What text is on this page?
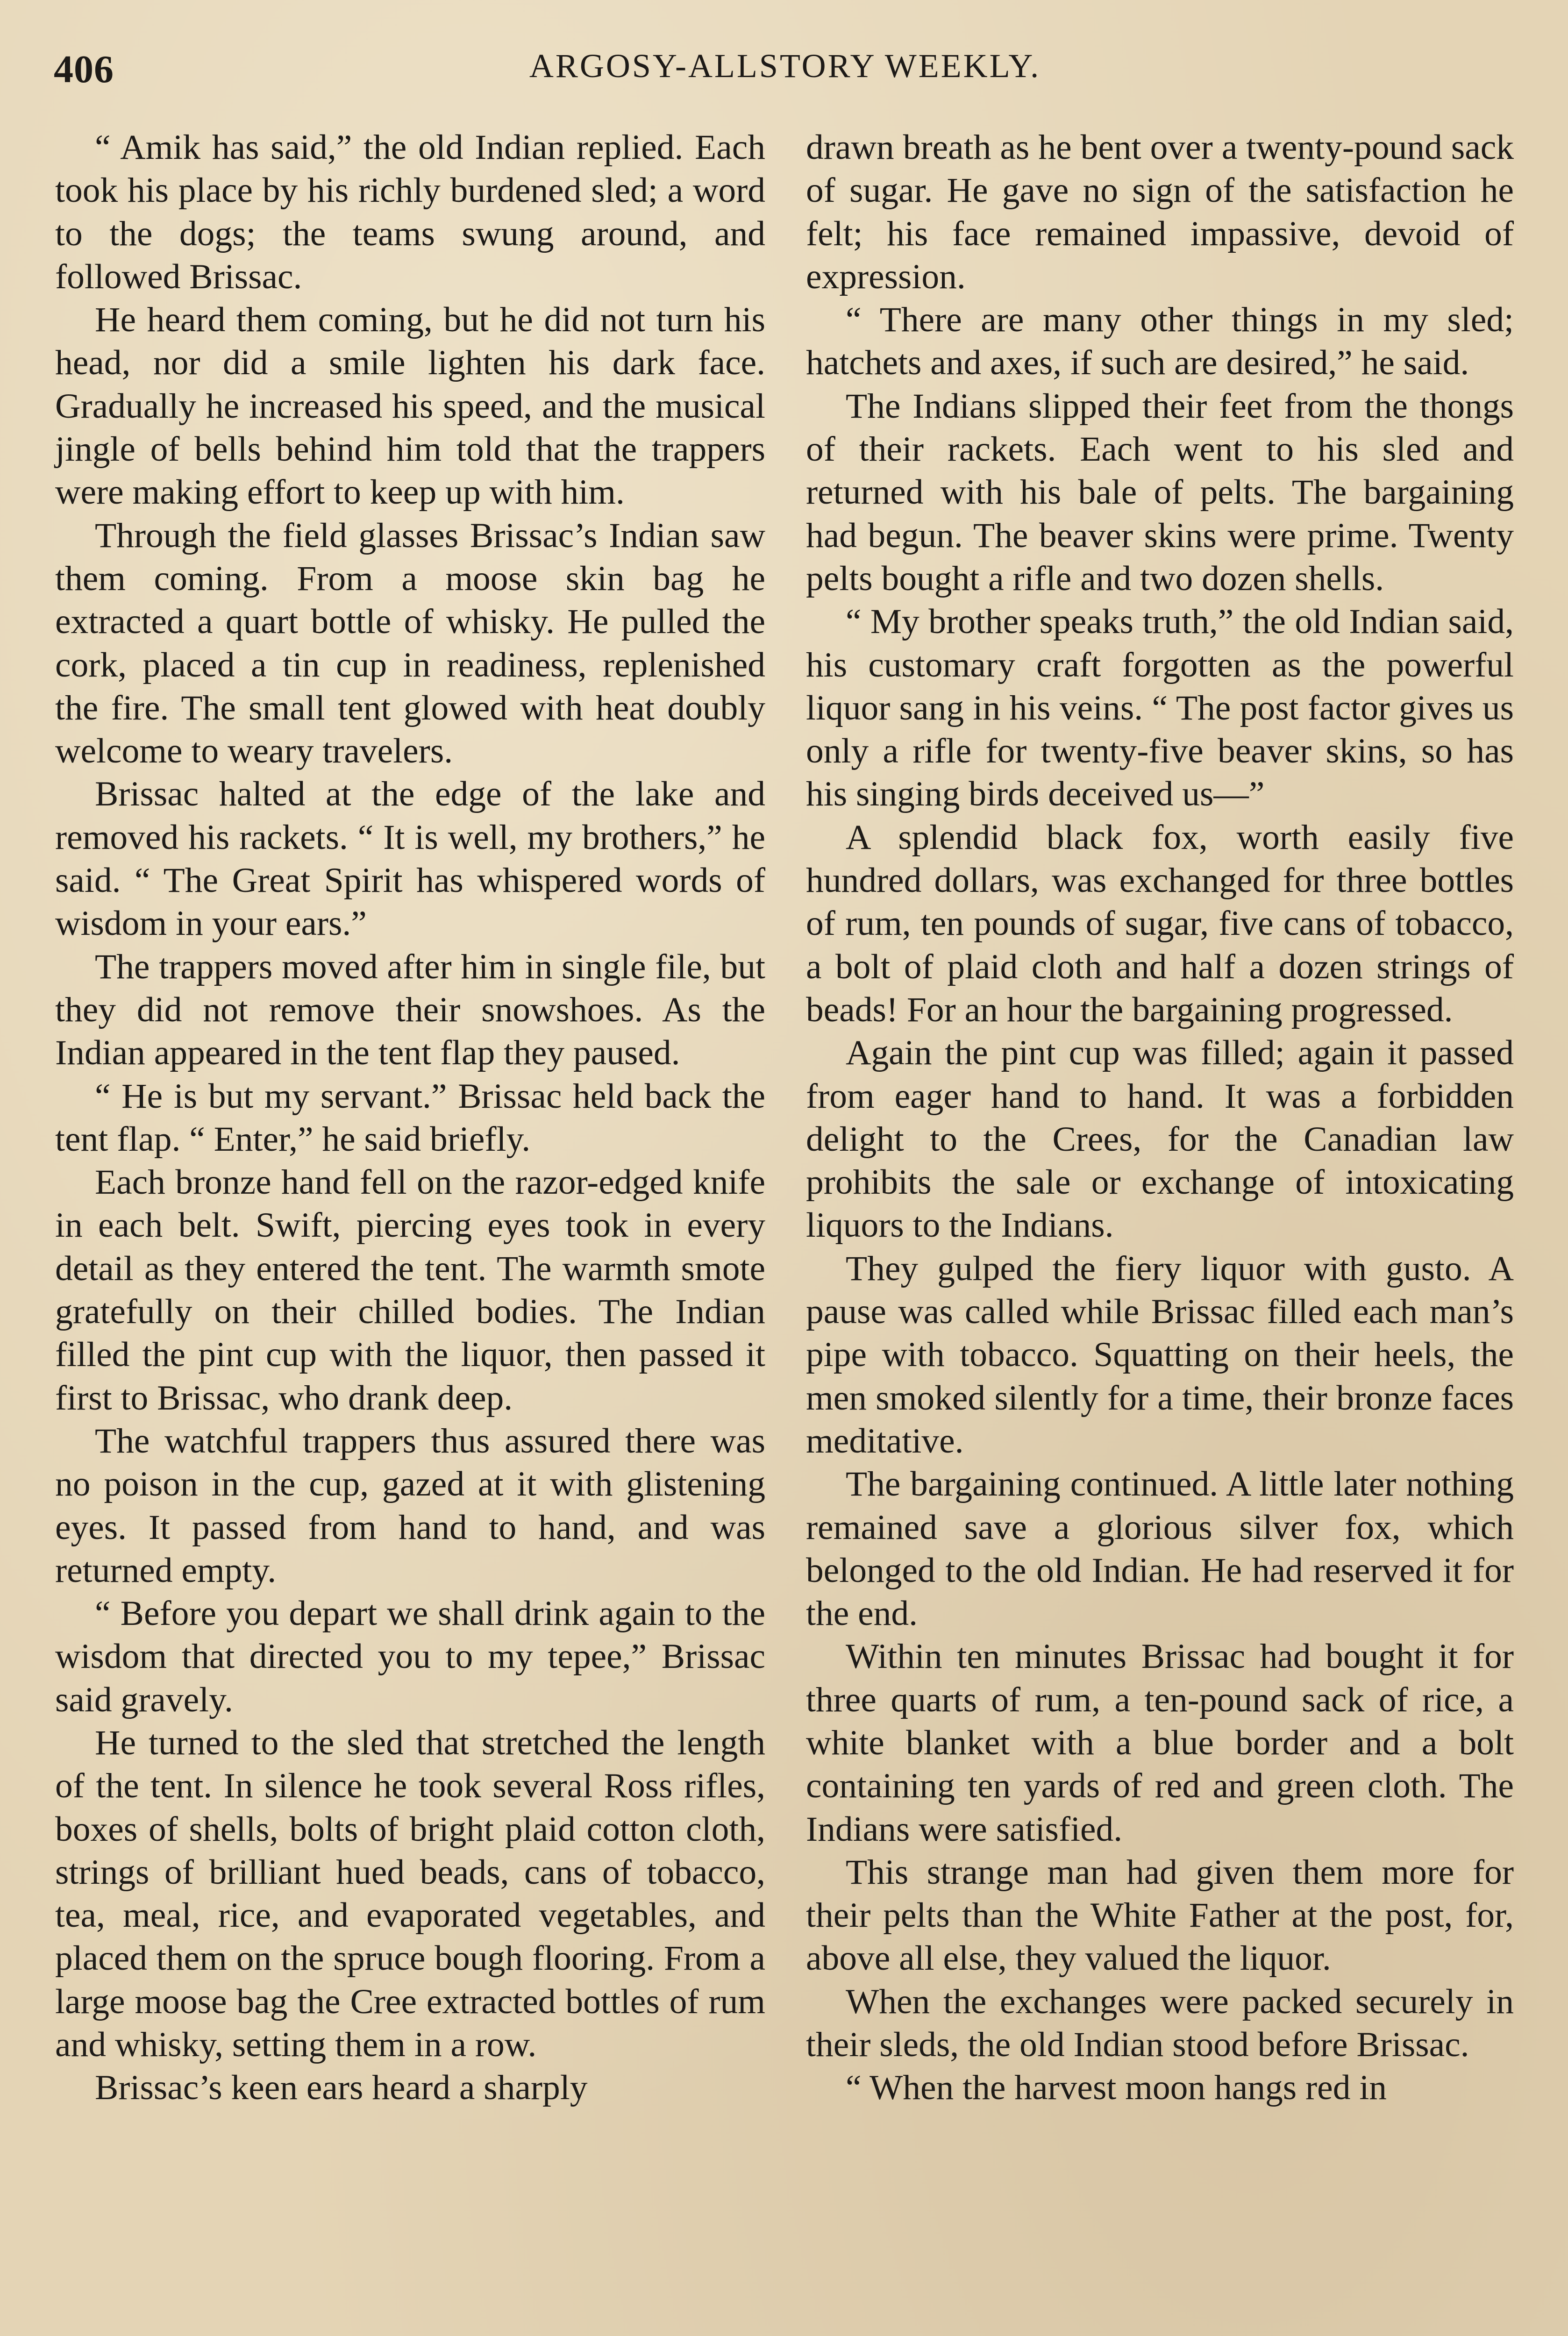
406	ARGOSY-ALLSTORY WEEKLY.

“ Amik has said,” the old Indian replied. Each took his place by his richly burdened sled; a word to the dogs; the teams swung around, and followed Brissac.

He heard them coming, but he did not turn his head, nor did a smile lighten his dark face. Gradually he increased his speed, and the musical jingle of bells behind him told that the trappers were making effort to keep up with him.

Through the field glasses Brissac’s Indian saw them coming. From a moose skin bag he extracted a quart bottle of whisky. He pulled the cork, placed a tin cup in readiness, replenished the fire. The small tent glowed with heat doubly welcome to weary travelers.

Brissac halted at the edge of the lake and removed his rackets. “ It is well, my brothers,” he said. “ The Great Spirit has whispered words of wisdom in your ears.”

The trappers moved after him in single file, but they did not remove their snowshoes. As the Indian appeared in the tent flap they paused.

“ He is but my servant.” Brissac held back the tent flap. “ Enter,” he said briefly.

Each bronze hand fell on the razor-edged knife in each belt. Swift, piercing eyes took in every detail as they entered the tent. The warmth smote gratefully on their chilled bodies. The Indian filled the pint cup with the liquor, then passed it first to Brissac, who drank deep.

The watchful trappers thus assured there was no poison in the cup, gazed at it with glistening eyes. It passed from hand to hand, and was returned empty.

“ Before you depart we shall drink again to the wisdom that directed you to my tepee,” Brissac said gravely.

He turned to the sled that stretched the length of the tent. In silence he took several Ross rifles, boxes of shells, bolts of bright plaid cotton cloth, strings of brilliant hued beads, cans of tobacco, tea, meal, rice, and evaporated vegetables, and placed them on the spruce bough flooring. From a large moose bag the Cree extracted bottles of rum and whisky, setting them in a row.

Brissac’s keen ears heard a sharply

drawn breath as he bent over a twenty-pound sack of sugar. He gave no sign of the satisfaction he felt; his face remained impassive, devoid of expression.

“ There are many other things in my sled; hatchets and axes, if such are desired,” he said.

The Indians slipped their feet from the thongs of their rackets. Each went to his sled and returned with his bale of pelts. The bargaining had begun. The beaver skins were prime. Twenty pelts bought a rifle and two dozen shells.

“ My brother speaks truth,” the old Indian said, his customary craft forgotten as the powerful liquor sang in his veins. “ The post factor gives us only a rifle for twenty-five beaver skins, so has his singing birds deceived us—”

A splendid black fox, worth easily five hundred dollars, was exchanged for three bottles of rum, ten pounds of sugar, five cans of tobacco, a bolt of plaid cloth and half a dozen strings of beads! For an hour the bargaining progressed.

Again the pint cup was filled; again it passed from eager hand to hand. It was a forbidden delight to the Crees, for the Canadian law prohibits the sale or exchange of intoxicating liquors to the Indians.

They gulped the fiery liquor with gusto. A pause was called while Brissac filled each man’s pipe with tobacco. Squatting on their heels, the men smoked silently for a time, their bronze faces meditative.

The bargaining continued. A little later nothing remained save a glorious silver fox, which belonged to the old Indian. He had reserved it for the end.

Within ten minutes Brissac had bought it for three quarts of rum, a ten-pound sack of rice, a white blanket with a blue border and a bolt containing ten yards of red and green cloth. The Indians were satisfied.

This strange man had given them more for their pelts than the White Father at the post, for, above all else, they valued the liquor.

When the exchanges were packed securely in their sleds, the old Indian stood before Brissac.

“ When the harvest moon hangs red in
